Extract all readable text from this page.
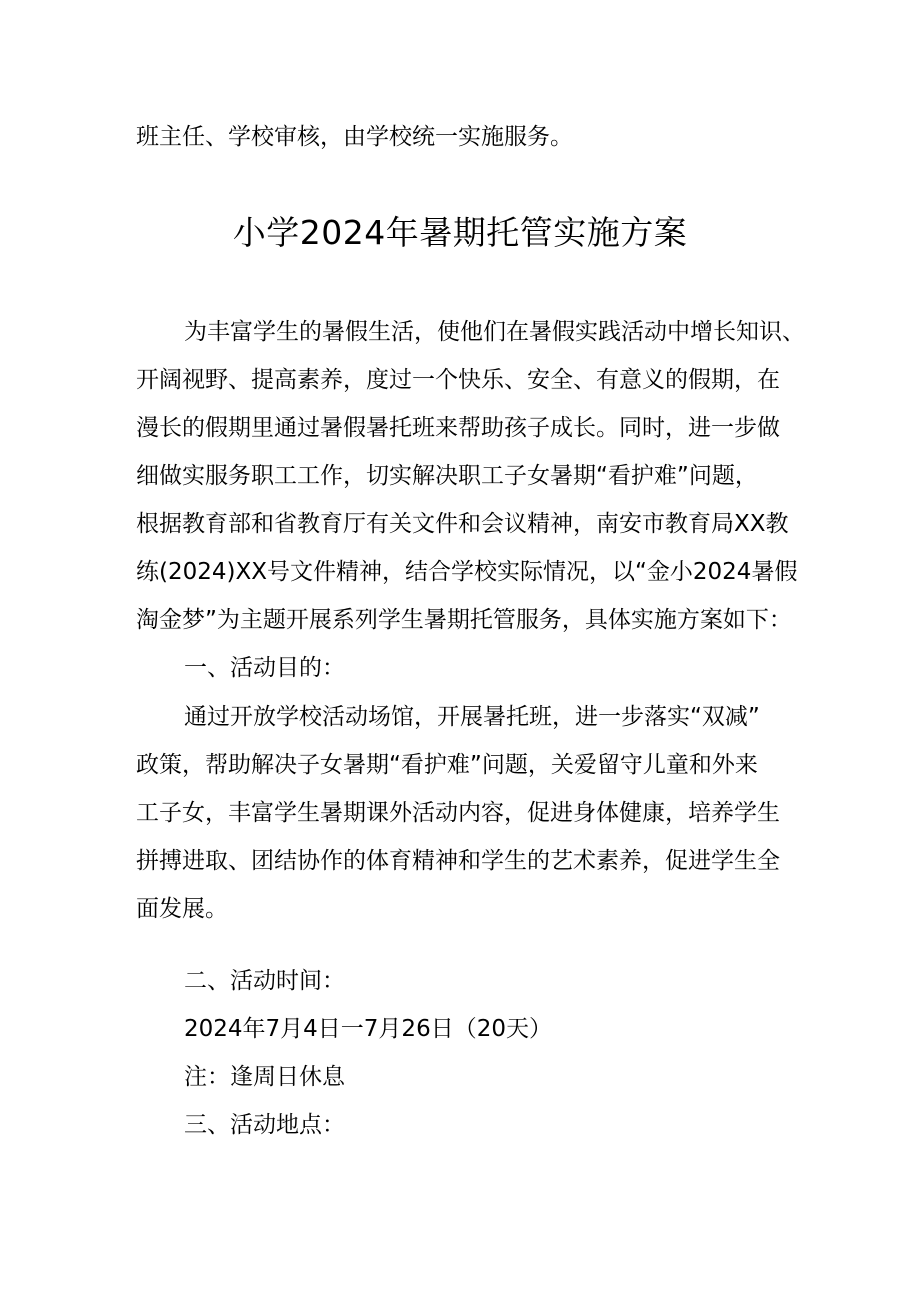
班主任、学校审核，由学校统一实施服务。
小学2024年暑期托管实施方案
为丰富学生的暑假生活，使他们在暑假实践活动中增长知识、
开阔视野、提高素养，度过一个快乐、安全、有意义的假期，在
漫长的假期里通过暑假暑托班来帮助孩子成长。同时，进一步做
细做实服务职工工作，切实解决职工子女暑期“看护难”问题，
根据教育部和省教育厅有关文件和会议精神，南安市教育局XX教
练(2024)XX号文件精神，结合学校实际情况，以“金小2024暑假
淘金梦”为主题开展系列学生暑期托管服务，具体实施方案如下：
一、活动目的：
通过开放学校活动场馆，开展暑托班，进一步落实“双减”
政策，帮助解决子女暑期“看护难”问题，关爱留守儿童和外来
工子女，丰富学生暑期课外活动内容，促进身体健康，培养学生
拼搏进取、团结协作的体育精神和学生的艺术素养，促进学生全
面发展。
二、活动时间：
2024年7月4日一7月26日（20天）
注：逢周日休息
三、活动地点：
